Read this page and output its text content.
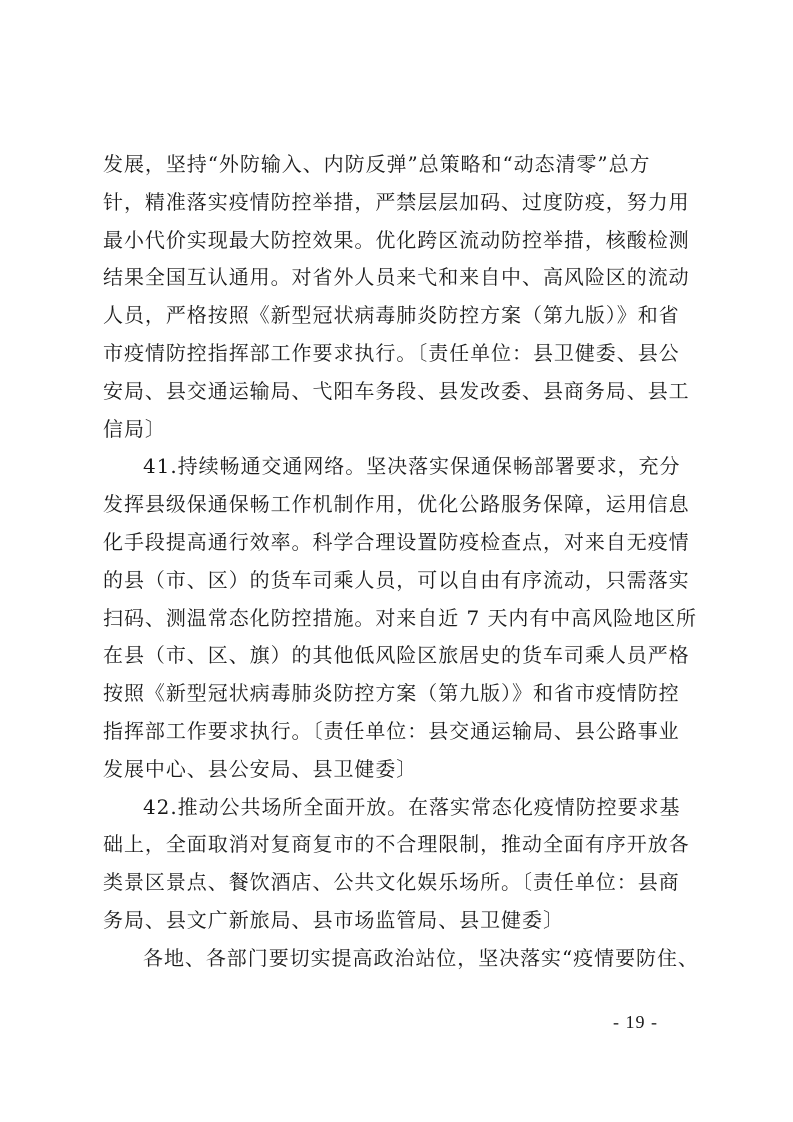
发展，坚持“外防输入、内防反弹”总策略和“动态清零”总方
针，精准落实疫情防控举措，严禁层层加码、过度防疫，努力用
最小代价实现最大防控效果。优化跨区流动防控举措，核酸检测
结果全国互认通用。对省外人员来弋和来自中、高风险区的流动
人员，严格按照《新型冠状病毒肺炎防控方案（第九版）》和省
市疫情防控指挥部工作要求执行。〔责任单位：县卫健委、县公
安局、县交通运输局、弋阳车务段、县发改委、县商务局、县工
信局〕
41.持续畅通交通网络。坚决落实保通保畅部署要求，充分
发挥县级保通保畅工作机制作用，优化公路服务保障，运用信息
化手段提高通行效率。科学合理设置防疫检查点，对来自无疫情
的县（市、区）的货车司乘人员，可以自由有序流动，只需落实
扫码、测温常态化防控措施。对来自近 7 天内有中高风险地区所
在县（市、区、旗）的其他低风险区旅居史的货车司乘人员严格
按照《新型冠状病毒肺炎防控方案（第九版）》和省市疫情防控
指挥部工作要求执行。〔责任单位：县交通运输局、县公路事业
发展中心、县公安局、县卫健委〕
42.推动公共场所全面开放。在落实常态化疫情防控要求基
础上，全面取消对复商复市的不合理限制，推动全面有序开放各
类景区景点、餐饮酒店、公共文化娱乐场所。〔责任单位：县商
务局、县文广新旅局、县市场监管局、县卫健委〕
各地、各部门要切实提高政治站位，坚决落实“疫情要防住、
- 19 -
